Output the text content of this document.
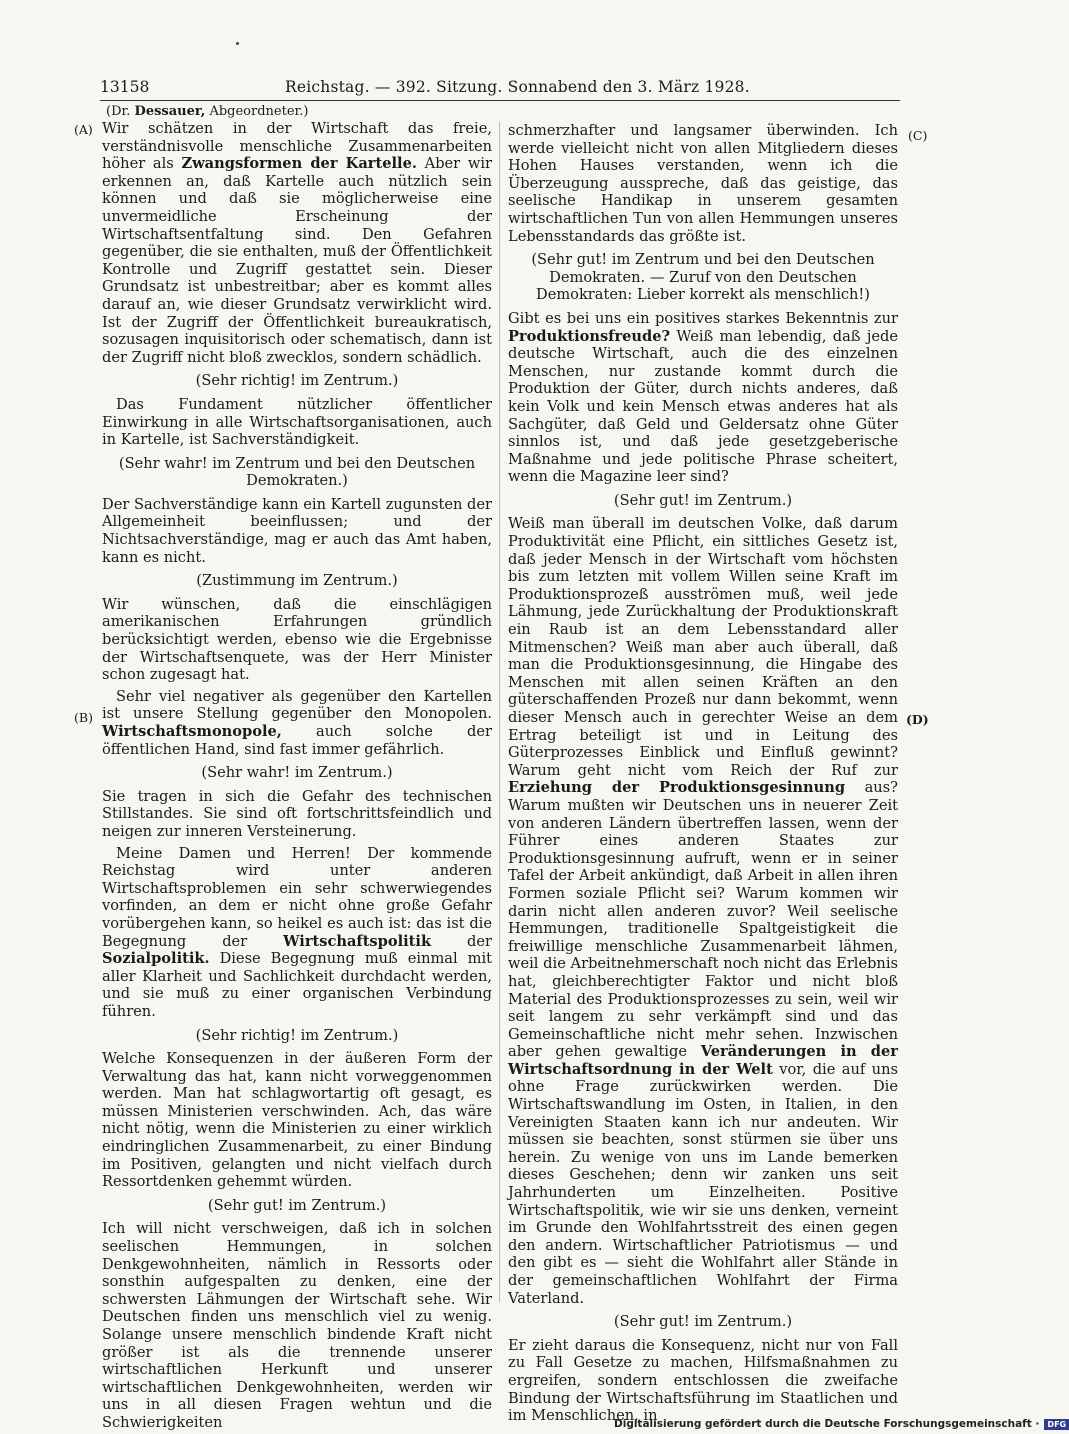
13158	Reichstag. — 392. Sitzung. Sonnabend den 3. März 1928.
(Dr. Dessauer, Abgeordneter.)
(A)
(B)
(C)
(D)

Wir schätzen in der Wirtschaft das freie, verständnisvolle menschliche Zusammenarbeiten höher als Zwangsformen der Kartelle. Aber wir erkennen an, daß Kartelle auch nützlich sein können und daß sie möglicherweise eine unvermeidliche Erscheinung der Wirtschaftsentfaltung sind. Den Gefahren gegenüber, die sie enthalten, muß der Öffentlichkeit Kontrolle und Zugriff gestattet sein. Dieser Grundsatz ist unbestreitbar; aber es kommt alles darauf an, wie dieser Grundsatz verwirklicht wird. Ist der Zugriff der Öffentlichkeit bureaukratisch, sozusagen inquisitorisch oder schematisch, dann ist der Zugriff nicht bloß zwecklos, sondern schädlich.

(Sehr richtig! im Zentrum.)

Das Fundament nützlicher öffentlicher Einwirkung in alle Wirtschaftsorganisationen, auch in Kartelle, ist Sachverständigkeit.

(Sehr wahr! im Zentrum und bei den Deutschen Demokraten.)

Der Sachverständige kann ein Kartell zugunsten der Allgemeinheit beeinflussen; und der Nichtsachverständige, mag er auch das Amt haben, kann es nicht.

(Zustimmung im Zentrum.)

Wir wünschen, daß die einschlägigen amerikanischen Erfahrungen gründlich berücksichtigt werden, ebenso wie die Ergebnisse der Wirtschaftsenquete, was der Herr Minister schon zugesagt hat.

Sehr viel negativer als gegenüber den Kartellen ist unsere Stellung gegenüber den Monopolen. Wirtschaftsmonopole, auch solche der öffentlichen Hand, sind fast immer gefährlich.

(Sehr wahr! im Zentrum.)

Sie tragen in sich die Gefahr des technischen Stillstandes. Sie sind oft fortschrittsfeindlich und neigen zur inneren Versteinerung.

Meine Damen und Herren! Der kommende Reichstag wird unter anderen Wirtschaftsproblemen ein sehr schwerwiegendes vorfinden, an dem er nicht ohne große Gefahr vorübergehen kann, so heikel es auch ist: das ist die Begegnung der Wirtschaftspolitik der Sozialpolitik. Diese Begegnung muß einmal mit aller Klarheit und Sachlichkeit durchdacht werden, und sie muß zu einer organischen Verbindung führen.

(Sehr richtig! im Zentrum.)

Welche Konsequenzen in der äußeren Form der Verwaltung das hat, kann nicht vorweggenommen werden. Man hat schlagwortartig oft gesagt, es müssen Ministerien verschwinden. Ach, das wäre nicht nötig, wenn die Ministerien zu einer wirklich eindringlichen Zusammenarbeit, zu einer Bindung im Positiven, gelangten und nicht vielfach durch Ressortdenken gehemmt würden.

(Sehr gut! im Zentrum.)

Ich will nicht verschweigen, daß ich in solchen seelischen Hemmungen, in solchen Denkgewohnheiten, nämlich in Ressorts oder sonsthin aufgespalten zu denken, eine der schwersten Lähmungen der Wirtschaft sehe. Wir Deutschen finden uns menschlich viel zu wenig. Solange unsere menschlich bindende Kraft nicht größer ist als die trennende unserer wirtschaftlichen Herkunft und unserer wirtschaftlichen Denkgewohnheiten, werden wir uns in all diesen Fragen wehtun und die Schwierigkeiten

schmerzhafter und langsamer überwinden. Ich werde vielleicht nicht von allen Mitgliedern dieses Hohen Hauses verstanden, wenn ich die Überzeugung ausspreche, daß das geistige, das seelische Handikap in unserem gesamten wirtschaftlichen Tun von allen Hemmungen unseres Lebensstandards das größte ist.

(Sehr gut! im Zentrum und bei den Deutschen Demokraten. — Zuruf von den Deutschen Demokraten: Lieber korrekt als menschlich!)

Gibt es bei uns ein positives starkes Bekenntnis zur Produktionsfreude? Weiß man lebendig, daß jede deutsche Wirtschaft, auch die des einzelnen Menschen, nur zustande kommt durch die Produktion der Güter, durch nichts anderes, daß kein Volk und kein Mensch etwas anderes hat als Sachgüter, daß Geld und Geldersatz ohne Güter sinnlos ist, und daß jede gesetzgeberische Maßnahme und jede politische Phrase scheitert, wenn die Magazine leer sind?

(Sehr gut! im Zentrum.)

Weiß man überall im deutschen Volke, daß darum Produktivität eine Pflicht, ein sittliches Gesetz ist, daß jeder Mensch in der Wirtschaft vom höchsten bis zum letzten mit vollem Willen seine Kraft im Produktionsprozeß ausströmen muß, weil jede Lähmung, jede Zurückhaltung der Produktionskraft ein Raub ist an dem Lebensstandard aller Mitmenschen? Weiß man aber auch überall, daß man die Produktionsgesinnung, die Hingabe des Menschen mit allen seinen Kräften an den güterschaffenden Prozeß nur dann bekommt, wenn dieser Mensch auch in gerechter Weise an dem Ertrag beteiligt ist und in Leitung des Güterprozesses Einblick und Einfluß gewinnt? Warum geht nicht vom Reich der Ruf zur Erziehung der Produktionsgesinnung aus? Warum mußten wir Deutschen uns in neuerer Zeit von anderen Ländern übertreffen lassen, wenn der Führer eines anderen Staates zur Produktionsgesinnung aufruft, wenn er in seiner Tafel der Arbeit ankündigt, daß Arbeit in allen ihren Formen soziale Pflicht sei? Warum kommen wir darin nicht allen anderen zuvor? Weil seelische Hemmungen, traditionelle Spaltgeistigkeit die freiwillige menschliche Zusammenarbeit lähmen, weil die Arbeitnehmerschaft noch nicht das Erlebnis hat, gleichberechtigter Faktor und nicht bloß Material des Produktionsprozesses zu sein, weil wir seit langem zu sehr verkämpft sind und das Gemeinschaftliche nicht mehr sehen. Inzwischen aber gehen gewaltige Veränderungen in der Wirtschaftsordnung in der Welt vor, die auf uns ohne Frage zurückwirken werden. Die Wirtschaftswandlung im Osten, in Italien, in den Vereinigten Staaten kann ich nur andeuten. Wir müssen sie beachten, sonst stürmen sie über uns herein. Zu wenige von uns im Lande bemerken dieses Geschehen; denn wir zanken uns seit Jahrhunderten um Einzelheiten. Positive Wirtschaftspolitik, wie wir sie uns denken, verneint im Grunde den Wohlfahrtsstreit des einen gegen den andern. Wirtschaftlicher Patriotismus — und den gibt es — sieht die Wohlfahrt aller Stände in der gemeinschaftlichen Wohlfahrt der Firma Vaterland.

(Sehr gut! im Zentrum.)

Er zieht daraus die Konsequenz, nicht nur von Fall zu Fall Gesetze zu machen, Hilfsmaßnahmen zu ergreifen, sondern entschlossen die zweifache Bindung der Wirtschaftsführung im Staatlichen und im Menschlichen, in

Digitalisierung gefördert durch die Deutsche Forschungsgemeinschaft · DFG
